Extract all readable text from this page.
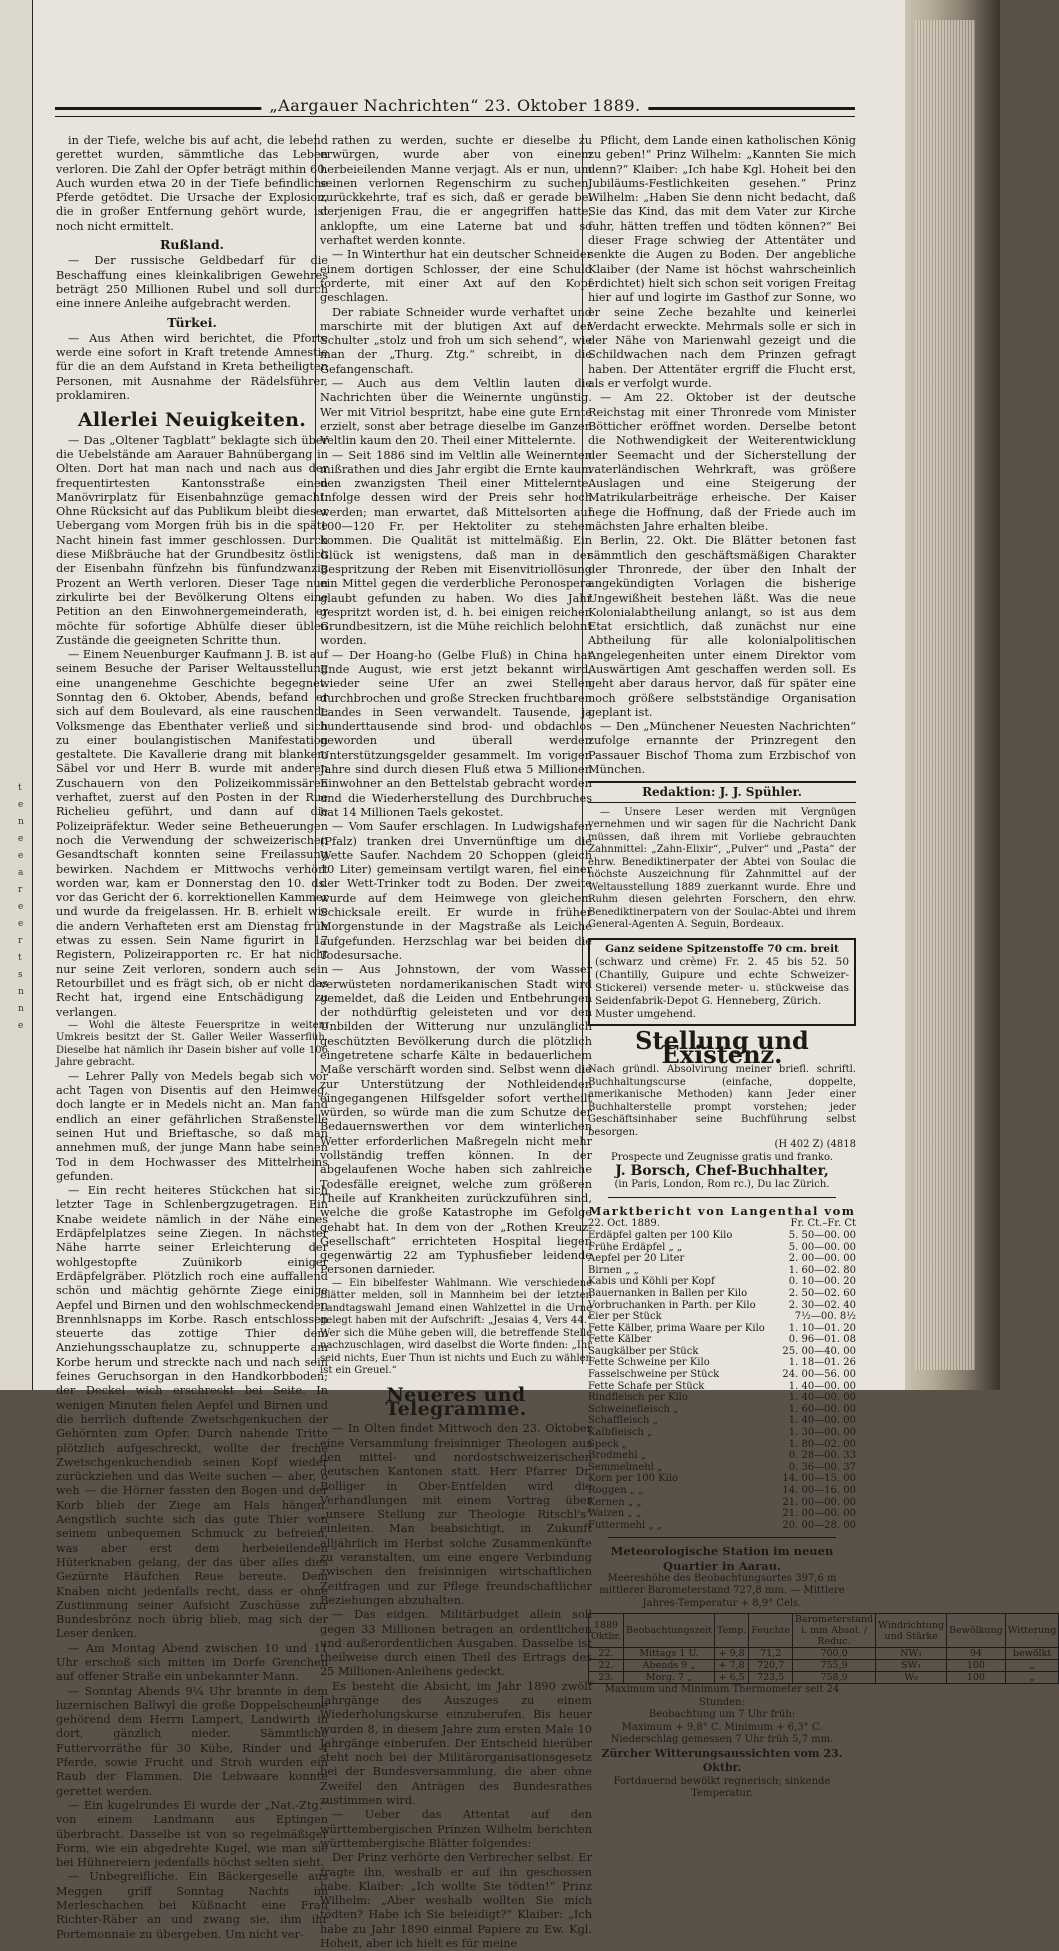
t
e
n
e
e
a
r
e
e
r
t
s
n
n
e
„Aargauer Nachrichten“ 23. Oktober 1889.

in der Tiefe, welche bis auf acht, die lebend gerettet wurden, sämmtliche das Leben verloren. Die Zahl der Opfer beträgt mithin 60. Auch wurden etwa 20 in der Tiefe befindliche Pferde getödtet. Die Ursache der Explosion, die in großer Entfernung gehört wurde, ist noch nicht ermittelt.

Rußland.

— Der russische Geldbedarf für die Beschaffung eines kleinkalibrigen Gewehres beträgt 250 Millionen Rubel und soll durch eine innere Anleihe aufgebracht werden.

Türkei.

— Aus Athen wird berichtet, die Pforte werde eine sofort in Kraft tretende Amnestie für die an dem Aufstand in Kreta betheiligten Personen, mit Ausnahme der Rädelsführer, proklamiren.

Allerlei Neuigkeiten.

— Das „Oltener Tagblatt“ beklagte sich über die Uebelstände am Aarauer Bahnübergang in Olten. Dort hat man nach und nach aus der frequentirtesten Kantonsstraße einen Manövrirplatz für Eisenbahnzüge gemacht. Ohne Rücksicht auf das Publikum bleibt dieser Uebergang vom Morgen früh bis in die späte Nacht hinein fast immer geschlossen. Durch diese Mißbräuche hat der Grundbesitz östlich der Eisenbahn fünfzehn bis fünfundzwanzig Prozent an Werth verloren. Dieser Tage nun zirkulirte bei der Bevölkerung Oltens eine Petition an den Einwohnergemeinderath, er möchte für sofortige Abhülfe dieser üblen Zustände die geeigneten Schritte thun.

— Einem Neuenburger Kaufmann J. B. ist auf seinem Besuche der Pariser Weltausstellung eine unangenehme Geschichte begegnet. Sonntag den 6. Oktober, Abends, befand er sich auf dem Boulevard, als eine rauschende Volksmenge das Ebenthater verließ und sich zu einer boulangistischen Manifestation gestaltete. Die Kavallerie drang mit blankem Säbel vor und Herr B. wurde mit anderen Zuschauern von den Polizeikommissären verhaftet, zuerst auf den Posten in der Rue Richelieu geführt, und dann auf die Polizeipräfektur. Weder seine Betheuerungen noch die Verwendung der schweizerischen Gesandtschaft konnten seine Freilassung bewirken. Nachdem er Mittwochs verhört worden war, kam er Donnerstag den 10. ds. vor das Gericht der 6. korrektionellen Kammer und wurde da freigelassen. Hr. B. erhielt wie die andern Verhafteten erst am Dienstag früh etwas zu essen. Sein Name figurirt in 17 Registern, Polizeirapporten rc. Er hat nicht nur seine Zeit verloren, sondern auch sein Retourbillet und es frägt sich, ob er nicht das Recht hat, irgend eine Entschädigung zu verlangen.

— Wohl die älteste Feuerspritze in weitem Umkreis besitzt der St. Galler Weiler Wasserflüh. Dieselbe hat nämlich ihr Dasein bisher auf volle 106 Jahre gebracht.

— Lehrer Pally von Medels begab sich vor acht Tagen von Disentis auf den Heimweg, doch langte er in Medels nicht an. Man fand endlich an einer gefährlichen Straßenstelle seinen Hut und Brieftasche, so daß man annehmen muß, der junge Mann habe seinen Tod in dem Hochwasser des Mittelrheins gefunden.

— Ein recht heiteres Stückchen hat sich letzter Tage in Schlenbergzugetragen. Ein Knabe weidete nämlich in der Nähe eines Erdäpfelplatzes seine Ziegen. In nächster Nähe harrte seiner Erleichterung der wohlgestopfte Zuünikorb einiger Erdäpfelgräber. Plötzlich roch eine auffallend schön und mächtig gehörnte Ziege einige Aepfel und Birnen und den wohlschmeckenden Brennhlsnapps im Korbe. Rasch entschlossen steuerte das zottige Thier dem Anziehungsschauplatze zu, schnupperte am Korbe herum und streckte nach und nach sein feines Geruchsorgan in den Handkorbboden; der Deckel wich erschreckt bei Seite. In wenigen Minuten fielen Aepfel und Birnen und die herrlich duftende Zwetschgenkuchen der Gehörnten zum Opfer. Durch nahende Tritte plötzlich aufgeschreckt, wollte der freche Zwetschgenkuchendieb seinen Kopf wieder zurückziehen und das Weite suchen — aber, o weh — die Hörner fassten den Bogen und der Korb blieb der Ziege am Hals hängen. Aengstlich suchte sich das gute Thier von seinem unbequemen Schmuck zu befreien, was aber erst dem herbeieilenden Hüterknaben gelang, der das über alles dies Gezürnte Häufchen Reue bereute. Dem Knaben nicht jedenfalls recht, dass er ohne Zustimmung seiner Aufsicht Zuschüsse zur Bundesbrönz noch übrig blieb, mag sich der Leser denken.

— Am Montag Abend zwischen 10 und 11 Uhr erschoß sich mitten im Dorfe Grenchen auf offener Straße ein unbekannter Mann.

— Sonntag Abends 9¼ Uhr brannte in dem luzernischen Ballwyl die große Doppelscheune gehörend dem Herrn Lampert, Landwirth in dort, gänzlich nieder. Sämmtliche Futtervorräthe für 30 Kühe, Rinder und 4 Pferde, sowie Frucht und Stroh wurden ein Raub der Flammen. Die Lebwaare konnte gerettet werden.

— Ein kugelrundes Ei wurde der „Nat.-Ztg.“ von einem Landmann aus Eptingen überbracht. Dasselbe ist von so regelmäßiger Form, wie ein abgedrehte Kugel, wie man sie bei Hühnereiern jedenfalls höchst selten sieht.

— Unbegreifliche. Ein Bäckergeselle aus Meggen griff Sonntag Nachts im Merleschachen bei Küßnacht eine Frau Richter-Räber an und zwang sie, ihm ihr Portemonnaie zu übergeben. Um nicht ver-

rathen zu werden, suchte er dieselbe zu erwürgen, wurde aber von einem herbeieilenden Manne verjagt. Als er nun, um seinen verlornen Regenschirm zu suchen, zurückkehrte, traf es sich, daß er gerade bei derjenigen Frau, die er angegriffen hatte, anklopfte, um eine Laterne bat und so verhaftet werden konnte.

— In Winterthur hat ein deutscher Schneider einem dortigen Schlosser, der eine Schuld forderte, mit einer Axt auf den Kopf geschlagen.

Der rabiate Schneider wurde verhaftet und marschirte mit der blutigen Axt auf der Schulter „stolz und froh um sich sehend“, wie man der „Thurg. Ztg.“ schreibt, in die Gefangenschaft.

— Auch aus dem Veltlin lauten die Nachrichten über die Weinernte ungünstig. Wer mit Vitriol bespritzt, habe eine gute Ernte erzielt, sonst aber betrage dieselbe im Ganzen Veltlin kaum den 20. Theil einer Mittelernte.

— Seit 1886 sind im Veltlin alle Weinernten mißrathen und dies Jahr ergibt die Ernte kaum den zwanzigsten Theil einer Mittelernte. Infolge dessen wird der Preis sehr hoch werden; man erwartet, daß Mittelsorten auf 100—120 Fr. per Hektoliter zu stehen kommen. Die Qualität ist mittelmäßig. Ein Glück ist wenigstens, daß man in der Bespritzung der Reben mit Eisenvitriollösung ein Mittel gegen die verderbliche Peronospera glaubt gefunden zu haben. Wo dies Jahr gespritzt worden ist, d. h. bei einigen reichen Grundbesitzern, ist die Mühe reichlich belohnt worden.

— Der Hoang-ho (Gelbe Fluß) in China hat Ende August, wie erst jetzt bekannt wird, wieder seine Ufer an zwei Stellen durchbrochen und große Strecken fruchtbaren Landes in Seen verwandelt. Tausende, ja hunderttausende sind brod- und obdachlos geworden und überall werden Unterstützungsgelder gesammelt. Im vorigen Jahre sind durch diesen Fluß etwa 5 Millionen Einwohner an den Bettelstab gebracht worden und die Wiederherstellung des Durchbruches hat 14 Millionen Taels gekostet.

— Vom Saufer erschlagen. In Ludwigshafen (Pfalz) tranken drei Unvernünftige um die Wette Saufer. Nachdem 20 Schoppen (gleich 10 Liter) gemeinsam vertilgt waren, fiel einer der Wett-Trinker todt zu Boden. Der zweite wurde auf dem Heimwege von gleichem Schicksale ereilt. Er wurde in früher Morgenstunde in der Magstraße als Leiche aufgefunden. Herzschlag war bei beiden die Todesursache.

— Aus Johnstown, der vom Wasser verwüsteten nordamerikanischen Stadt wird gemeldet, daß die Leiden und Entbehrungen der nothdürftig geleisteten und vor den Unbilden der Witterung nur unzulänglich geschützten Bevölkerung durch die plötzlich eingetretene scharfe Kälte in bedauerlichem Maße verschärft worden sind. Selbst wenn die zur Unterstützung der Nothleidenden eingegangenen Hilfsgelder sofort vertheilt würden, so würde man die zum Schutze der Bedauernswerthen vor dem winterlichen Wetter erforderlichen Maßregeln nicht mehr vollständig treffen können. In der abgelaufenen Woche haben sich zahlreiche Todesfälle ereignet, welche zum größeren Theile auf Krankheiten zurückzuführen sind, welche die große Katastrophe im Gefolge gehabt hat. In dem von der „Rothen Kreuz-Gesellschaft“ errichteten Hospital liegen gegenwärtig 22 am Typhusfieber leidende Personen darnieder.

— Ein bibelfester Wahlmann. Wie verschiedene Blätter melden, soll in Mannheim bei der letzten Landtagswahl Jemand einen Wahlzettel in die Urne gelegt haben mit der Aufschrift: „Jesaias 4, Vers 44.“ Wer sich die Mühe geben will, die betreffende Stelle nachzuschlagen, wird daselbst die Worte finden: „Ihr seid nichts, Euer Thun ist nichts und Euch zu wählen ist ein Greuel.“

Neueres und Telegramme.

— In Olten findet Mittwoch den 23. Oktober eine Versammlung freisinniger Theologen aus den mittel- und nordostschweizerischen deutschen Kantonen statt. Herr Pfarrer Dr. Bolliger in Ober-Entfelden wird die Verhandlungen mit einem Vortrag über „unsere Stellung zur Theologie Ritschl's“ einleiten. Man beabsichtigt, in Zukunft alljährlich im Herbst solche Zusammenkünfte zu veranstalten, um eine engere Verbindung zwischen den freisinnigen wirtschaftlichen Zeitfragen und zur Pflege freundschaftlicher Beziehungen abzuhalten.

— Das eidgen. Militärbudget allein soll gegen 33 Millionen betragen an ordentlichen und außerordentlichen Ausgaben. Dasselbe ist theilweise durch einen Theil des Ertrags des 25 Millionen-Anleihens gedeckt.

Es besteht die Absicht, im Jahr 1890 zwölf Jahrgänge des Auszuges zu einem Wiederholungskurse einzuberufen. Bis heuer wurden 8, in diesem Jahre zum ersten Male 10 Jahrgänge einberufen. Der Entscheid hierüber steht noch bei der Militärorganisationsgesetz bei der Bundesversammlung, die aber ohne Zweifel den Anträgen des Bundesrathes zustimmen wird.

— Ueber das Attentat auf den württembergischen Prinzen Wilhelm berichten württembergische Blätter folgendes:

Der Prinz verhörte den Verbrecher selbst. Er fragte ihn, weshalb er auf ihn geschossen habe. Klaiber: „Ich wollte Sie tödten!“ Prinz Wilhelm: „Aber weshalb wollten Sie mich tödten? Habe ich Sie beleidigt?“ Klaiber: „Ich habe zu Jahr 1890 einmal Papiere zu Ew. Kgl. Hoheit, aber ich hielt es für meine

Pflicht, dem Lande einen katholischen König zu geben!“ Prinz Wilhelm: „Kannten Sie mich denn?“ Klaiber: „Ich habe Kgl. Hoheit bei den Jubiläums-Festlichkeiten gesehen.“ Prinz Wilhelm: „Haben Sie denn nicht bedacht, daß Sie das Kind, das mit dem Vater zur Kirche fuhr, hätten treffen und tödten können?“ Bei dieser Frage schwieg der Attentäter und senkte die Augen zu Boden. Der angebliche Klaiber (der Name ist höchst wahrscheinlich erdichtet) hielt sich schon seit vorigen Freitag hier auf und logirte im Gasthof zur Sonne, wo er seine Zeche bezahlte und keinerlei Verdacht erweckte. Mehrmals solle er sich in der Nähe von Marienwahl gezeigt und die Schildwachen nach dem Prinzen gefragt haben. Der Attentäter ergriff die Flucht erst, als er verfolgt wurde.

— Am 22. Oktober ist der deutsche Reichstag mit einer Thronrede vom Minister Bötticher eröffnet worden. Derselbe betont die Nothwendigkeit der Weiterentwicklung der Seemacht und der Sicherstellung der vaterländischen Wehrkraft, was größere Auslagen und eine Steigerung der Matrikularbeiträge erheische. Der Kaiser hege die Hoffnung, daß der Friede auch im nächsten Jahre erhalten bleibe.

Berlin, 22. Okt. Die Blätter betonen fast sämmtlich den geschäftsmäßigen Charakter der Thronrede, der über den Inhalt der angekündigten Vorlagen die bisherige Ungewißheit bestehen läßt. Was die neue Kolonialabtheilung anlangt, so ist aus dem Etat ersichtlich, daß zunächst nur eine Abtheilung für alle kolonialpolitischen Angelegenheiten unter einem Direktor vom Auswärtigen Amt geschaffen werden soll. Es geht aber daraus hervor, daß für später eine noch größere selbstständige Organisation geplant ist.

— Den „Münchener Neuesten Nachrichten“ zufolge ernannte der Prinzregent den Passauer Bischof Thoma zum Erzbischof von München.

Redaktion: J. J. Spühler.

— Unsere Leser werden mit Vergnügen vernehmen und wir sagen für die Nachricht Dank müssen, daß ihrem mit Vorliebe gebrauchten Zahnmittel: „Zahn-Elixir“, „Pulver“ und „Pasta“ der ehrw. Benediktinerpater der Abtei von Soulac die höchste Auszeichnung für Zahnmittel auf der Weltausstellung 1889 zuerkannt wurde. Ehre und Ruhm diesen gelehrten Forschern, den ehrw. Benediktinerpatern von der Soulac-Abtei und ihrem General-Agenten A. Seguin, Bordeaux.

Ganz seidene Spitzenstoffe 70 cm. breit

(schwarz und crème) Fr. 2. 45 bis 52. 50 (Chantilly, Guipure und echte Schweizer-Stickerei) versende meter- u. stückweise das Seidenfabrik-Depot G. Henneberg, Zürich.

Muster umgehend.

Stellung und Existenz.

Nach gründl. Absolvirung meiner briefl. schriftl. Buchhaltungscurse (einfache, doppelte, amerikanische Methoden) kann Jeder einer Buchhalterstelle prompt vorstehen; jeder Geschäftsinhaber seine Buchführung selbst besorgen.

(H 402 Z) (4818

Prospecte und Zeugnisse gratis und franko.

J. Borsch, Chef-Buchhalter,

(in Paris, London, Rom rc.), Du lac Zürich.

Marktbericht von Langenthal vom

22. Oct. 1889.	Fr. Ct.–Fr. Ct
Erdäpfel galten per 100 Kilo	5. 50—00. 00
Frühe Erdäpfel „ „	5. 00—00. 00
Aepfel per 20 Liter	2. 00—00. 00
Birnen „ „	1. 60—02. 80
Kabis und Köhli per Kopf	0. 10—00. 20
Bauernanken in Ballen per Kilo	2. 50—02. 60
Vorbruchanken in Parth. per Kilo	2. 30—02. 40
Eier per Stück	7½—00. 8½
Fette Kälber, prima Waare per Kilo	1. 10—01. 20
Fette Kälber	0. 96—01. 08
Saugkälber per Stück	25. 00—40. 00
Fette Schweine per Kilo	1. 18—01. 26
Fasselschweine per Stück	24. 00—56. 00
Fette Schafe per Stück	1. 40—00. 00
Rindfleisch per Kilo	1. 40—00. 00
Schweinefleisch „	1. 60—00. 00
Schaffleisch „	1. 40—00. 00
Kalbfleisch „	1. 30—00. 00
Speck „	1. 80—02. 00
Brodmehl „	0. 28—00. 33
Semmelmehl „	0. 36—00. 37
Korn per 100 Kilo	14. 00—15. 00
Roggen „ „	14. 00—16. 00
Kernen „ „	21. 00—00. 00
Waizen „ „	21. 00—00. 00
Futtermehl „ „	20. 00—28. 00

Meteorologische Station im neuen Quartier in Aarau.

Meereshöhe des Beobachtungsortes 397,6 m

mittlerer Barometerstand 727,8 mm. — Mittlere Jahres-Temperatur + 8,9° Cels.

1889 Oktbr.	Beobachtungszeit	Temp.	Feuchte	Barometerstand i. mm Absol. / Reduc.	Windrichtung und Stärke	Bewölkung	Witterung
22.	Mittags 1 U.	+ 9,8	71,2	700,0	NW₁	94	bewölkt
22.	Abends 9 „	+ 7,8	720,7	755,9	SW₁	100	„
23.	Morg. 7 „	+ 6,5	723,5	758,9	W₀	100	„

Maximum und Minimum Thermometer seit 24 Stunden:

Beobachtung um 7 Uhr früh:

Maximum + 9,8° C. Minimum + 6,3° C.

Niederschlag gemessen 7 Uhr früh 5,7 mm.

Zürcher Witterungsaussichten vom 23. Oktbr.

Fortdauernd bewölkt regnerisch; sinkende Temperatur.
